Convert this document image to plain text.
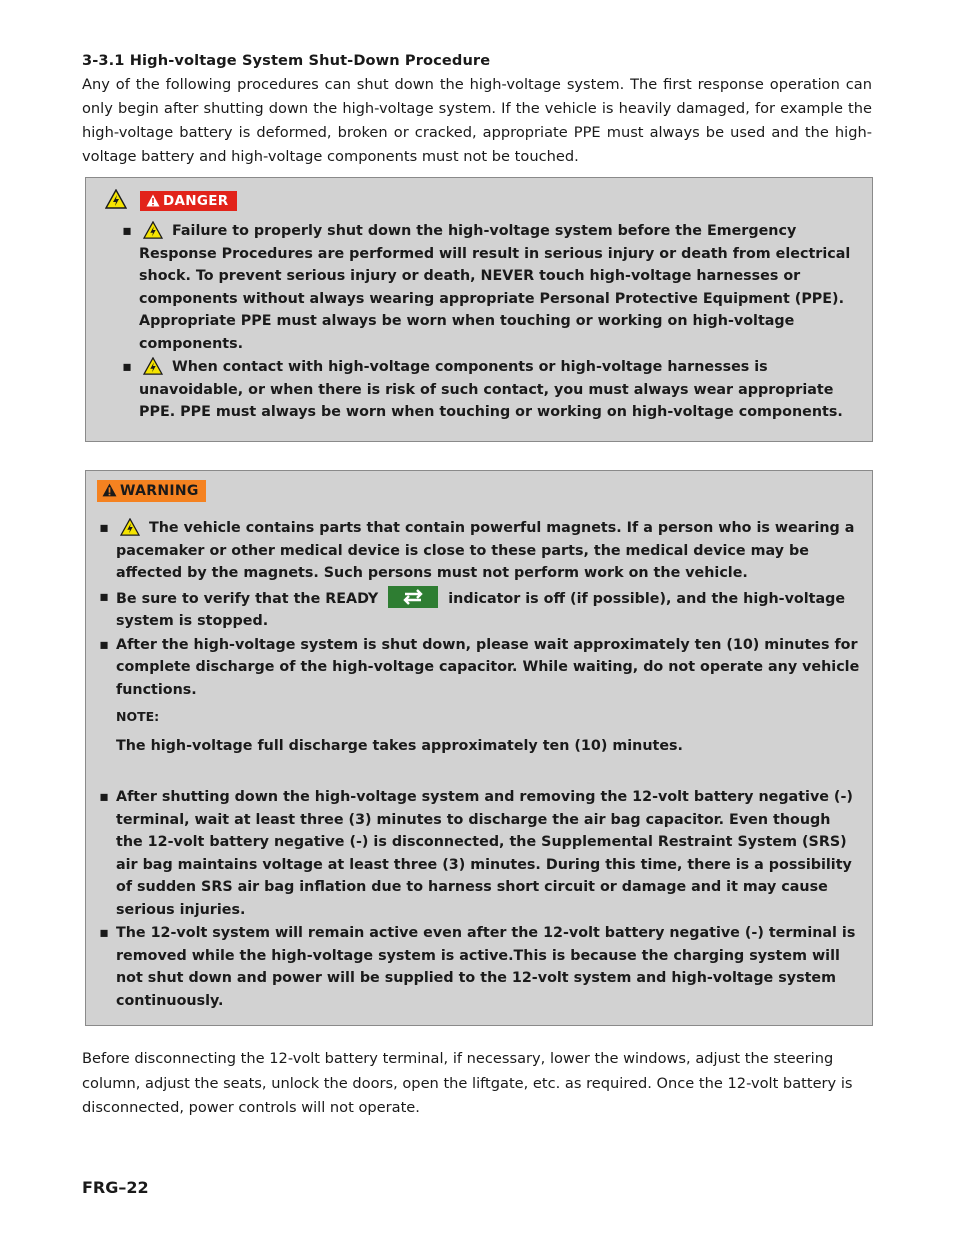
3-3.1 High-voltage System Shut-Down Procedure
Any of the following procedures can shut down the high-voltage system. The first response operation can only begin after shutting down the high-voltage system. If the vehicle is heavily damaged, for example the high-voltage battery is deformed, broken or cracked, appropriate PPE must always be used and the high-voltage battery and high-voltage components must not be touched.
DANGER
▪	Failure to properly shut down the high-voltage system before the Emergency Response Procedures are performed will result in serious injury or death from electrical shock. To prevent serious injury or death, NEVER touch high-voltage harnesses or components without always wearing appropriate Personal Protective Equipment (PPE). Appropriate PPE must always be worn when touching or working on high-voltage components.
▪	When contact with high-voltage components or high-voltage harnesses is unavoidable, or when there is risk of such contact, you must always wear appropriate PPE. PPE must always be worn when touching or working on high-voltage components.
WARNING
▪	The vehicle contains parts that contain powerful magnets. If a person who is wearing a pacemaker or other medical device is close to these parts, the medical device may be affected by the magnets. Such persons must not perform work on the vehicle.
▪ Be sure to verify that the READY	indicator is off (if possible), and the high-voltage system is stopped.
▪ After the high-voltage system is shut down, please wait approximately ten (10) minutes for complete discharge of the high-voltage capacitor. While waiting, do not operate any vehicle functions.
NOTE:
The high-voltage full discharge takes approximately ten (10) minutes.
▪ After shutting down the high-voltage system and removing the 12-volt battery negative (-) terminal, wait at least three (3) minutes to discharge the air bag capacitor. Even though the 12-volt battery negative (-) is disconnected, the Supplemental Restraint System (SRS) air bag maintains voltage at least three (3) minutes. During this time, there is a possibility of sudden SRS air bag inflation due to harness short circuit or damage and it may cause serious injuries.
▪ The 12-volt system will remain active even after the 12-volt battery negative (-) terminal is removed while the high-voltage system is active.This is because the charging system will not shut down and power will be supplied to the 12-volt system and high-voltage system continuously.
Before disconnecting the 12-volt battery terminal, if necessary, lower the windows, adjust the steering column, adjust the seats, unlock the doors, open the liftgate, etc. as required. Once the 12-volt battery is disconnected, power controls will not operate.
FRG–22
